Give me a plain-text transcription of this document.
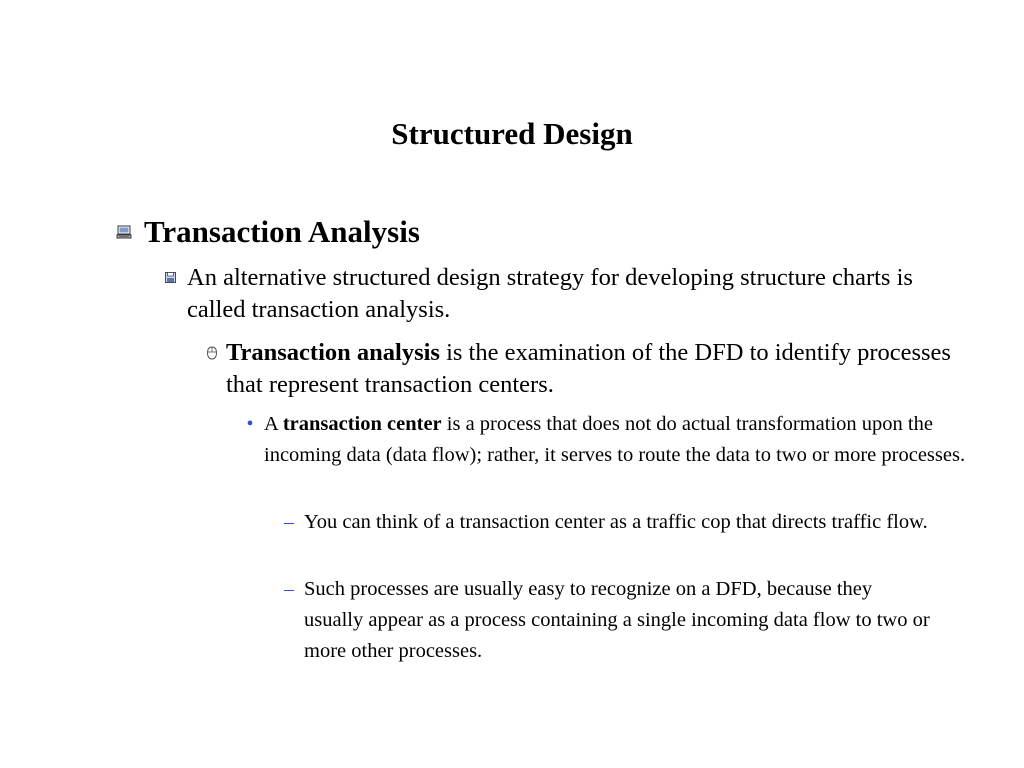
Structured Design
Transaction Analysis
An alternative structured design strategy for developing structure charts is called transaction analysis.
Transaction analysis is the examination of the DFD to identify processes that represent transaction centers.
• A transaction center is a process that does not do actual transformation upon the incoming data (data flow); rather, it serves to route the data to two or more processes.
– You can think of a transaction center as a traffic cop that directs traffic flow.
– Such processes are usually easy to recognize on a DFD, because they usually appear as a process containing a single incoming data flow to two or more other processes.
